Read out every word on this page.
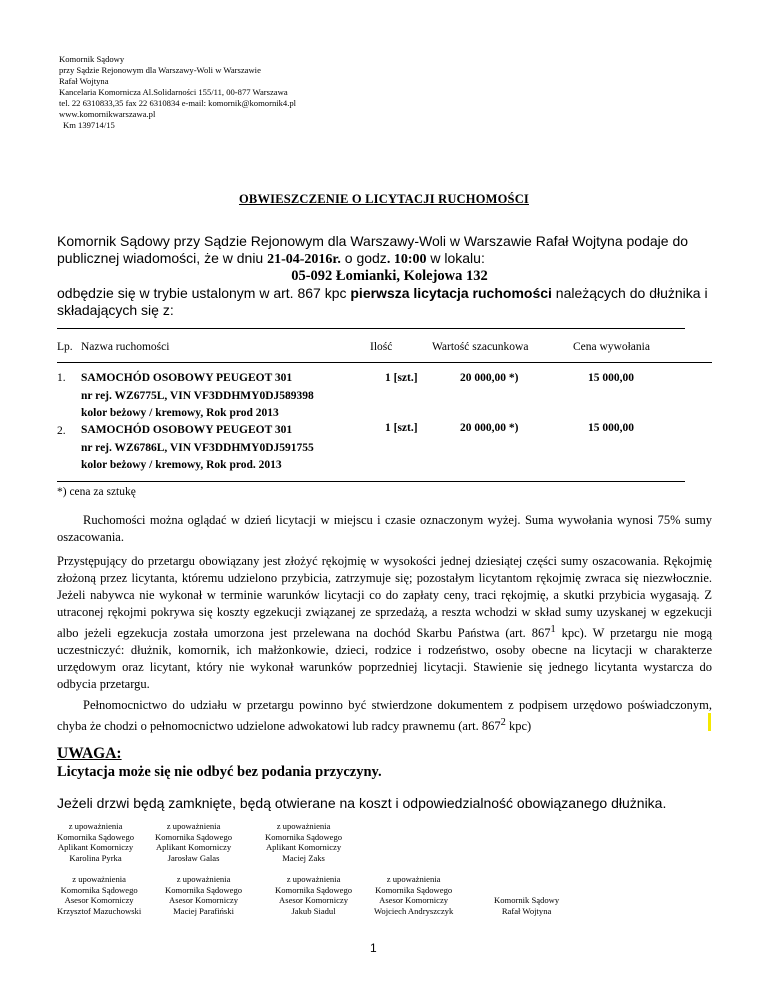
Komornik Sądowy
przy Sądzie Rejonowym dla Warszawy-Woli w Warszawie
Rafał Wojtyna
Kancelaria Komornicza Al.Solidarności 155/11, 00-877 Warszawa
tel. 22 6310833,35 fax 22 6310834 e-mail: komornik@komornik4.pl
www.komornikwarszawa.pl
Km 139714/15
OBWIESZCZENIE O LICYTACJI RUCHOMOŚCI
Komornik Sądowy przy Sądzie Rejonowym dla Warszawy-Woli w Warszawie Rafał Wojtyna podaje do publicznej wiadomości, że w dniu 21-04-2016r. o godz. 10:00 w lokalu:
05-092 Łomianki, Kolejowa 132
odbędzie się w trybie ustalonym w art. 867 kpc pierwsza licytacja ruchomości należących do dłużnika i składających się z:
Lp. Nazwa ruchomości	Ilość	Wartość szacunkowa	Cena wywołania
1. SAMOCHÓD OSOBOWY PEUGEOT 301
nr rej. WZ6775L, VIN VF3DDHMY0DJ589398
kolor beżowy / kremowy, Rok prod 2013
1 [szt.]	20 000,00 *)	15 000,00
2. SAMOCHÓD OSOBOWY PEUGEOT 301
nr rej. WZ6786L, VIN VF3DDHMY0DJ591755
kolor beżowy / kremowy, Rok prod. 2013
1 [szt.]	20 000,00 *)	15 000,00
*) cena za sztukę
Ruchomości można oglądać w dzień licytacji w miejscu i czasie oznaczonym wyżej. Suma wywołania wynosi 75% sumy oszacowania.
Przystępujący do przetargu obowiązany jest złożyć rękojmię w wysokości jednej dziesiątej części sumy oszacowania. Rękojmię złożoną przez licytanta, któremu udzielono przybicia, zatrzymuje się; pozostałym licytantom rękojmię zwraca się niezwłocznie. Jeżeli nabywca nie wykonał w terminie warunków licytacji co do zapłaty ceny, traci rękojmię, a skutki przybicia wygasają. Z utraconej rękojmi pokrywa się koszty egzekucji związanej ze sprzedażą, a reszta wchodzi w skład sumy uzyskanej w egzekucji albo jeżeli egzekucja została umorzona jest przelewana na dochód Skarbu Państwa (art. $867^1$ kpc). W przetargu nie mogą uczestniczyć: dłużnik, komornik, ich małżonkowie, dzieci, rodzice i rodzeństwo, osoby obecne na licytacji w charakterze urzędowym oraz licytant, który nie wykonał warunków poprzedniej licytacji. Stawienie się jednego licytanta wystarcza do odbycia przetargu.
Pełnomocnictwo do udziału w przetargu powinno być stwierdzone dokumentem z podpisem urzędowo poświadczonym, chyba że chodzi o pełnomocnictwo udzielone adwokatowi lub radcy prawnemu (art. $867^2$ kpc)
UWAGA:
Licytacja może się nie odbyć bez podania przyczyny.
Jeżeli drzwi będą zamknięte, będą otwierane na koszt i odpowiedzialność obowiązanego dłużnika.
z upoważnienia
Komornika Sądowego
Aplikant Komorniczy
Karolina Pyrka
z upoważnienia
Komornika Sądowego
Aplikant Komorniczy
Jarosław Galas
z upoważnienia
Komornika Sądowego
Aplikant Komorniczy
Maciej Zaks
z upoważnienia
Komornika Sądowego
Asesor Komorniczy
Krzysztof Mazuchowski
z upoważnienia
Komornika Sądowego
Asesor Komorniczy
Maciej Parafiński
z upoważnienia
Komornika Sądowego
Asesor Komorniczy
Jakub Siadul
z upoważnienia
Komornika Sądowego
Asesor Komorniczy
Wojciech Andryszczyk
Komornik Sądowy
Rafał Wojtyna
1
